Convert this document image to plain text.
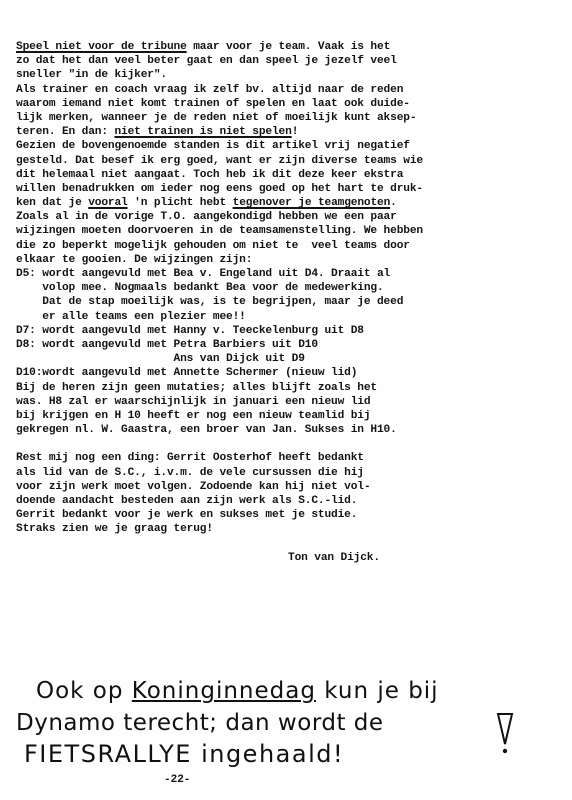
Speel niet voor de tribune maar voor je team. Vaak is het
zo dat het dan veel beter gaat en dan speel je jezelf veel
sneller "in de kijker".
Als trainer en coach vraag ik zelf bv. altijd naar de reden
waarom iemand niet komt trainen of spelen en laat ook duide-
lijk merken, wanneer je de reden niet of moeilijk kunt aksep-
teren. En dan: niet trainen is niet spelen!
Gezien de bovengenoemde standen is dit artikel vrij negatief
gesteld. Dat besef ik erg goed, want er zijn diverse teams wie
dit helemaal niet aangaat. Toch heb ik dit deze keer ekstra
willen benadrukken om ieder nog eens goed op het hart te druk-
ken dat je vooral 'n plicht hebt tegenover je teamgenoten.
Zoals al in de vorige T.O. aangekondigd hebben we een paar
wijzingen moeten doorvoeren in de teamsamenstelling. We hebben
die zo beperkt mogelijk gehouden om niet te  veel teams door
elkaar te gooien. De wijzingen zijn:
D5: wordt aangevuld met Bea v. Engeland uit D4. Draait al
volop mee. Nogmaals bedankt Bea voor de medewerking.
Dat de stap moeilijk was, is te begrijpen, maar je deed
er alle teams een plezier mee!!
D7: wordt aangevuld met Hanny v. Teeckelenburg uit D8
D8: wordt aangevuld met Petra Barbiers uit D10
Ans van Dijck uit D9
D10:wordt aangevuld met Annette Schermer (nieuw lid)
Bij de heren zijn geen mutaties; alles blijft zoals het
was. H8 zal er waarschijnlijk in januari een nieuw lid
bij krijgen en H 10 heeft er nog een nieuw teamlid bij
gekregen nl. W. Gaastra, een broer van Jan. Sukses in H10.
Rest mij nog een ding: Gerrit Oosterhof heeft bedankt
als lid van de S.C., i.v.m. de vele cursussen die hij
voor zijn werk moet volgen. Zodoende kan hij niet vol-
doende aandacht besteden aan zijn werk als S.C.-lid.
Gerrit bedankt voor je werk en sukses met je studie.
Straks zien we je graag terug!
Ton van Dijck.
Ook op Koninginnedag kun je bij
Dynamo terecht; dan wordt de
FIETSRALLYE ingehaald!
-22-
